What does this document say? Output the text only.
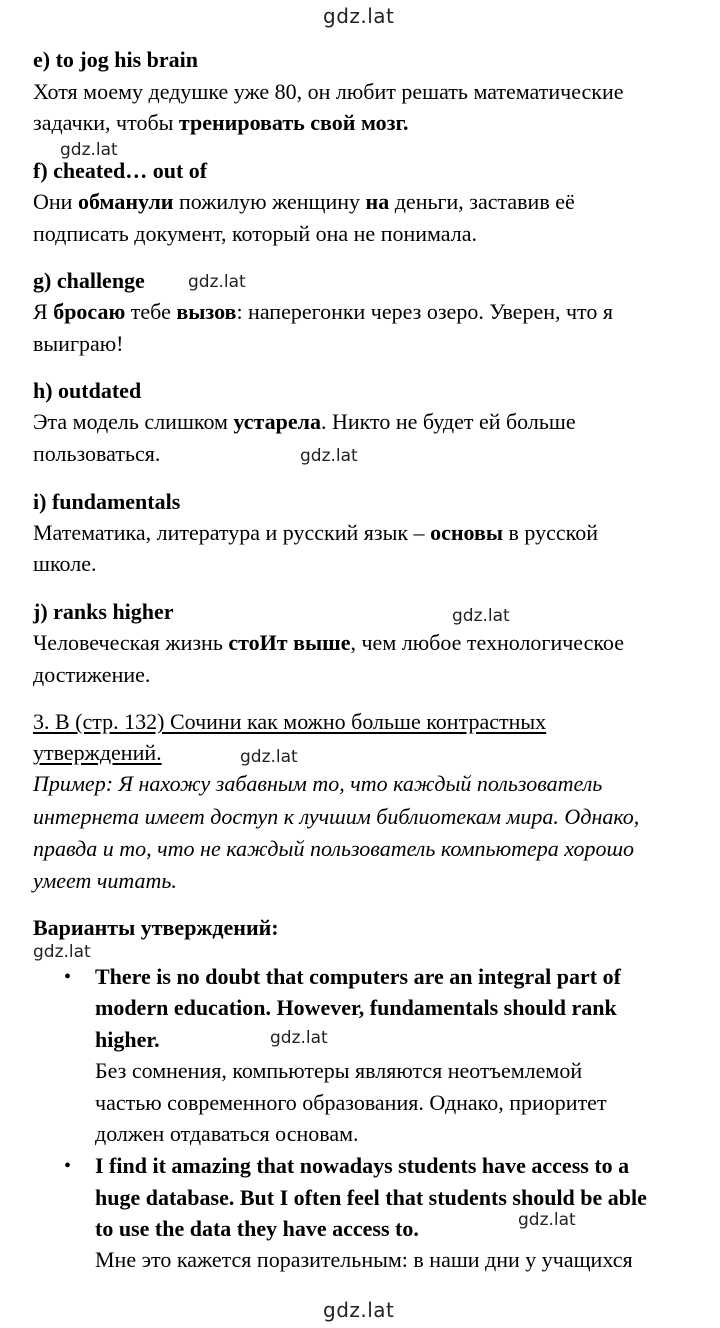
gdz.lat
gdz.lat
gdz.lat
gdz.lat
gdz.lat
gdz.lat
gdz.lat
gdz.lat
gdz.lat
gdz.lat
e) to jog his brain
Хотя моему дедушке уже 80, он любит решать математические
задачки, чтобы тренировать свой мозг.
f) cheated… out of
Они обманули пожилую женщину на деньги, заставив её
подписать документ, который она не понимала.
g) challenge
Я бросаю тебе вызов: наперегонки через озеро. Уверен, что я
выиграю!
h) outdated
Эта модель слишком устарела. Никто не будет ей больше
пользоваться.
i) fundamentals
Математика, литература и русский язык – основы в русской
школе.
j) ranks higher
Человеческая жизнь стоИт выше, чем любое технологическое
достижение.
3. B (стр. 132) Сочини как можно больше контрастных
утверждений.
Пример: Я нахожу забавным то, что каждый пользователь
интернета имеет доступ к лучшим библиотекам мира. Однако,
правда и то, что не каждый пользователь компьютера хорошо
умеет читать.
Варианты утверждений:
• There is no doubt that computers are an integral part of
modern education. However, fundamentals should rank
higher.
Без сомнения, компьютеры являются неотъемлемой
частью современного образования. Однако, приоритет
должен отдаваться основам.
• I find it amazing that nowadays students have access to a
huge database. But I often feel that students should be able
to use the data they have access to.
Мне это кажется поразительным: в наши дни у учащихся
